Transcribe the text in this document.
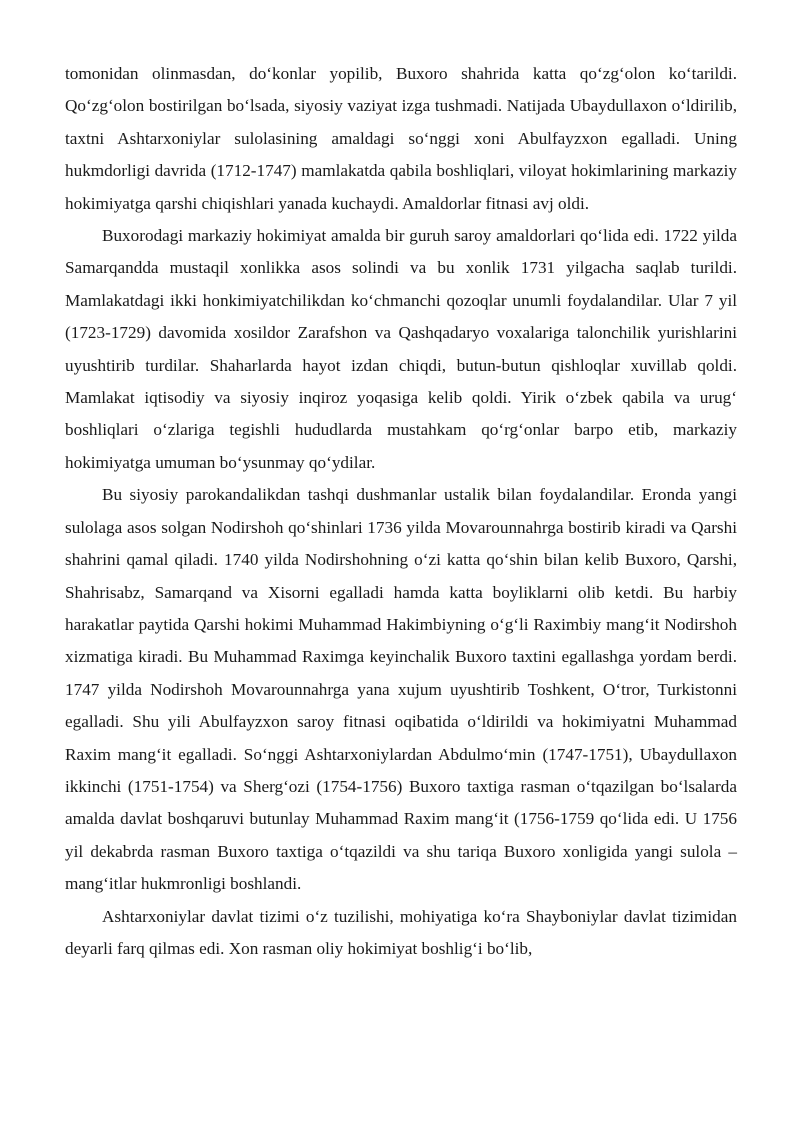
tomonidan olinmasdan, do‘konlar yopilib, Buxoro shahrida katta qo‘zg‘olon ko‘tarildi. Qo‘zg‘olon bostirilgan bo‘lsada, siyosiy vaziyat izga tushmadi. Natijada Ubaydullaxon o‘ldirilib, taxtni Ashtarxoniylar sulolasining amaldagi so‘nggi xoni Abulfayzxon egalladi. Uning hukmdorligi davrida (1712-1747) mamlakatda qabila boshliqlari, viloyat hokimlarining markaziy hokimiyatga qarshi chiqishlari yanada kuchaydi. Amaldorlar fitnasi avj oldi.

Buxorodagi markaziy hokimiyat amalda bir guruh saroy amaldorlari qo‘lida edi. 1722 yilda Samarqandda mustaqil xonlikka asos solindi va bu xonlik 1731 yilgacha saqlab turildi. Mamlakatdagi ikki honkimiyatchilikdan ko‘chmanchi qozoqlar unumli foydalandilar. Ular 7 yil (1723-1729) davomida xosildor Zarafshon va Qashqadaryo voxalariga talonchilik yurishlarini uyushtirib turdilar. Shaharlarda hayot izdan chiqdi, butun-butun qishloqlar xuvillab qoldi. Mamlakat iqtisodiy va siyosiy inqiroz yoqasiga kelib qoldi. Yirik o‘zbek qabila va urug‘ boshliqlari o‘zlariga tegishli hududlarda mustahkam qo‘rg‘onlar barpo etib, markaziy hokimiyatga umuman bo‘ysunmay qo‘ydilar.

Bu siyosiy parokandalikdan tashqi dushmanlar ustalik bilan foydalandilar. Eronda yangi sulolaga asos solgan Nodirshoh qo‘shinlari 1736 yilda Movarounnahrga bostirib kiradi va Qarshi shahrini qamal qiladi. 1740 yilda Nodirshohning o‘zi katta qo‘shin bilan kelib Buxoro, Qarshi, Shahrisabz, Samarqand va Xisorni egalladi hamda katta boyliklarni olib ketdi. Bu harbiy harakatlar paytida Qarshi hokimi Muhammad Hakimbiyning o‘g‘li Raximbiy mang‘it Nodirshoh xizmatiga kiradi. Bu Muhammad Raximga keyinchalik Buxoro taxtini egallashga yordam berdi. 1747 yilda Nodirshoh Movarounnahrga yana xujum uyushtirib Toshkent, O‘tror, Turkistonni egalladi. Shu yili Abulfayzxon saroy fitnasi oqibatida o‘ldirildi va hokimiyatni Muhammad Raxim mang‘it egalladi. So‘nggi Ashtarxoniylardan Abdulmo‘min (1747-1751), Ubaydullaxon ikkinchi (1751-1754) va Sherg‘ozi (1754-1756) Buxoro taxtiga rasman o‘tqazilgan bo‘lsalarda amalda davlat boshqaruvi butunlay Muhammad Raxim mang‘it (1756-1759 qo‘lida edi. U 1756 yil dekabrda rasman Buxoro taxtiga o‘tqazildi va shu tariqa Buxoro xonligida yangi sulola – mang‘itlar hukmronligi boshlandi.

Ashtarxoniylar davlat tizimi o‘z tuzilishi, mohiyatiga ko‘ra Shayboniylar davlat tizimidan deyarli farq qilmas edi. Xon rasman oliy hokimiyat boshlig‘i bo‘lib,
